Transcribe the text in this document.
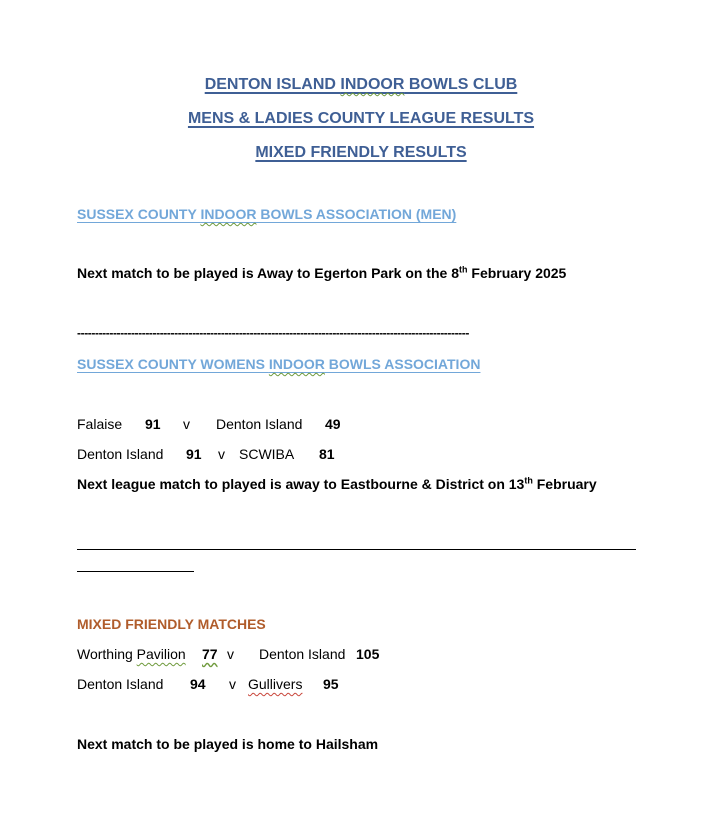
DENTON ISLAND INDOOR BOWLS CLUB
MENS & LADIES COUNTY LEAGUE RESULTS
MIXED FRIENDLY RESULTS
SUSSEX COUNTY INDOOR BOWLS ASSOCIATION (MEN)
Next match to be played is Away to Egerton Park on the 8th February 2025
-------------------------------------------------------------------------------------------------------------
SUSSEX COUNTY WOMENS INDOOR BOWLS ASSOCIATION
Falaise 91 v Denton Island 49
Denton Island 91 v SCWIBA 81
Next league match to played is away to Eastbourne & District on 13th February
MIXED FRIENDLY MATCHES
Worthing Pavilion 77 v Denton Island 105
Denton Island 94 v Gullivers 95
Next match to be played is home to Hailsham
